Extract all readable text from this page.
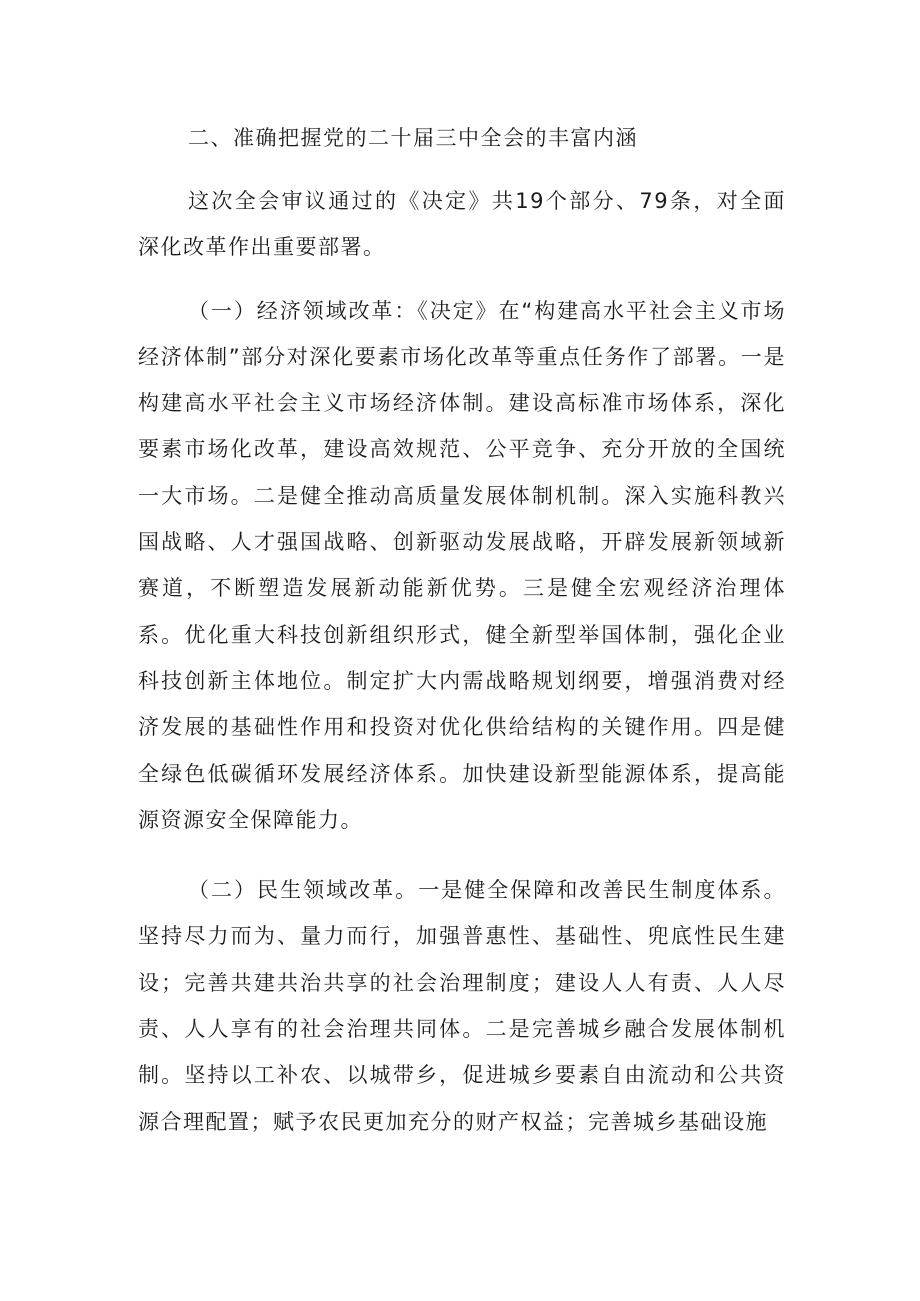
二、准确把握党的二十届三中全会的丰富内涵

这次全会审议通过的《决定》共19个部分、79条，对全面深化改革作出重要部署。

（一）经济领域改革：《决定》在“构建高水平社会主义市场经济体制”部分对深化要素市场化改革等重点任务作了部署。一是构建高水平社会主义市场经济体制。建设高标准市场体系，深化要素市场化改革，建设高效规范、公平竞争、充分开放的全国统一大市场。二是健全推动高质量发展体制机制。深入实施科教兴国战略、人才强国战略、创新驱动发展战略，开辟发展新领域新赛道，不断塑造发展新动能新优势。三是健全宏观经济治理体系。优化重大科技创新组织形式，健全新型举国体制，强化企业科技创新主体地位。制定扩大内需战略规划纲要，增强消费对经济发展的基础性作用和投资对优化供给结构的关键作用。四是健全绿色低碳循环发展经济体系。加快建设新型能源体系，提高能源资源安全保障能力。

（二）民生领域改革。一是健全保障和改善民生制度体系。坚持尽力而为、量力而行，加强普惠性、基础性、兜底性民生建设；完善共建共治共享的社会治理制度；建设人人有责、人人尽责、人人享有的社会治理共同体。二是完善城乡融合发展体制机制。坚持以工补农、以城带乡，促进城乡要素自由流动和公共资源合理配置；赋予农民更加充分的财产权益；完善城乡基础设施
